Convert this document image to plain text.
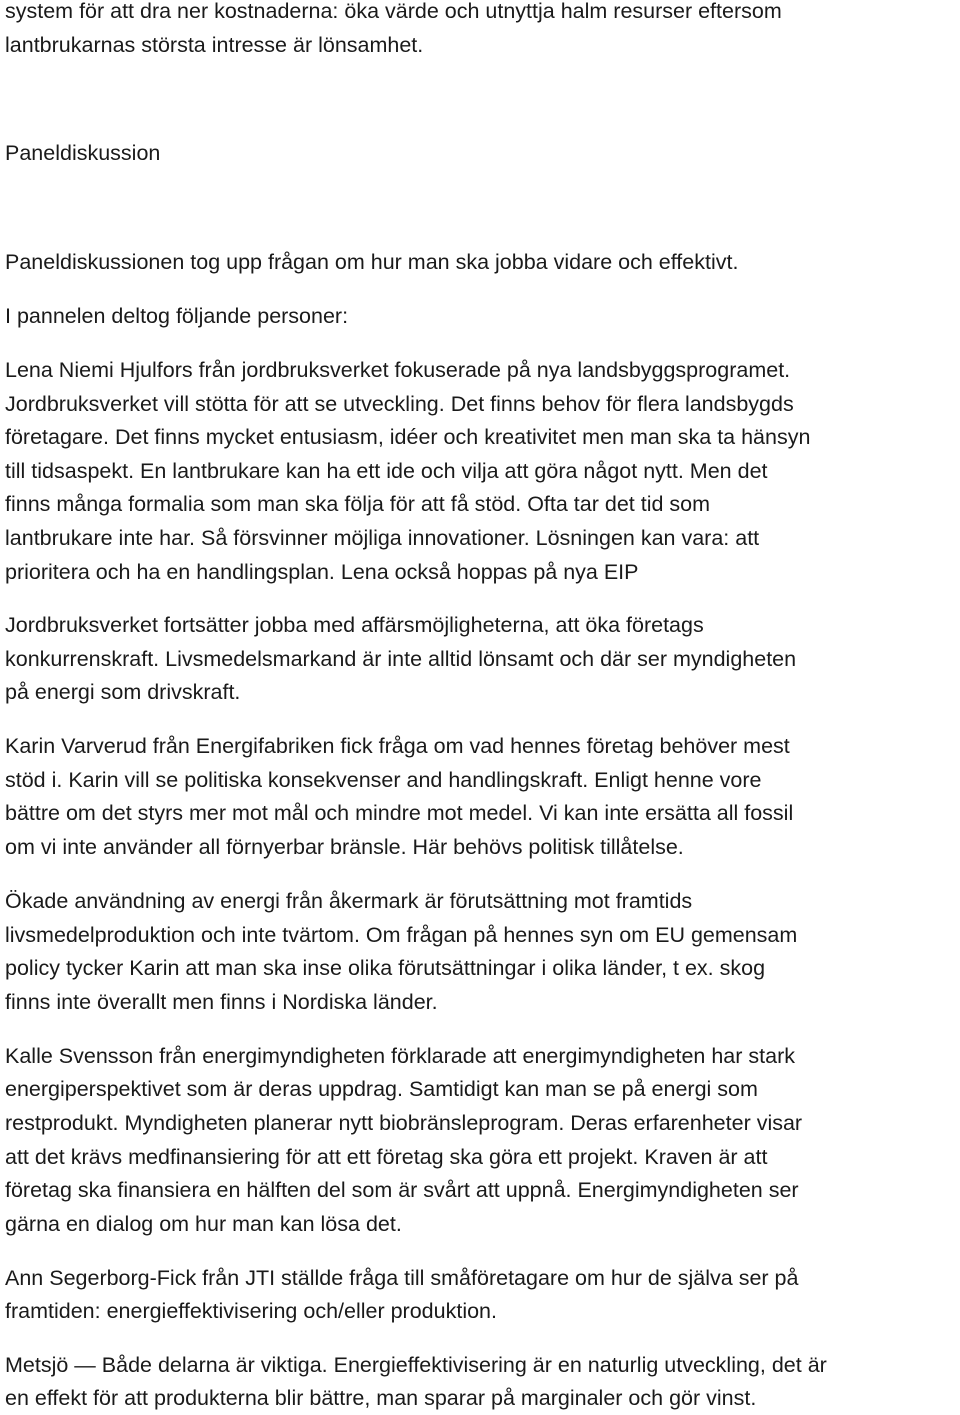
system för att dra ner kostnaderna: öka värde och utnyttja halm resurser eftersom

lantbrukarnas största intresse är lönsamhet.

Paneldiskussion

Paneldiskussionen tog upp frågan om hur man ska jobba vidare och effektivt.

I pannelen deltog följande personer:

Lena Niemi Hjulfors från jordbruksverket fokuserade på nya landsbyggsprogramet.

Jordbruksverket vill stötta för att se utveckling. Det finns behov för flera landsbygds

företagare. Det finns mycket entusiasm, idéer och kreativitet men man ska ta hänsyn

till tidsaspekt. En lantbrukare kan ha ett ide och vilja att göra något nytt. Men det

finns många formalia som man ska följa för att få stöd. Ofta tar det tid som

lantbrukare inte har. Så försvinner möjliga innovationer. Lösningen kan vara: att

prioritera och ha en handlingsplan. Lena också hoppas på nya EIP

Jordbruksverket fortsätter jobba med affärsmöjligheterna, att öka företags

konkurrenskraft. Livsmedelsmarkand är inte alltid lönsamt och där ser myndigheten

på energi som drivskraft.

Karin Varverud från Energifabriken fick fråga om vad hennes företag behöver mest

stöd i. Karin vill se politiska konsekvenser and handlingskraft. Enligt henne vore

bättre om det styrs mer mot mål och mindre mot medel. Vi kan inte ersätta all fossil

om vi inte använder all förnyerbar bränsle. Här behövs politisk tillåtelse.

Ökade användning av energi från åkermark är förutsättning mot framtids

livsmedelproduktion och inte tvärtom. Om frågan på hennes syn om EU gemensam

policy tycker Karin att man ska inse olika förutsättningar i olika länder, t ex. skog

finns inte överallt men finns i Nordiska länder.

Kalle Svensson från energimyndigheten förklarade att energimyndigheten har stark

energiperspektivet som är deras uppdrag. Samtidigt kan man se på energi som

restprodukt. Myndigheten planerar nytt biobränsleprogram. Deras erfarenheter visar

att det krävs medfinansiering för att ett företag ska göra ett projekt. Kraven är att

företag ska finansiera en hälften del som är svårt att uppnå. Energimyndigheten ser

gärna en dialog om hur man kan lösa det.

Ann Segerborg-Fick från JTI ställde fråga till småföretagare om hur de själva ser på

framtiden: energieffektivisering och/eller produktion.

Metsjö — Både delarna är viktiga. Energieffektivisering är en naturlig utveckling, det är

en effekt för att produkterna blir bättre, man sparar på marginaler och gör vinst.
